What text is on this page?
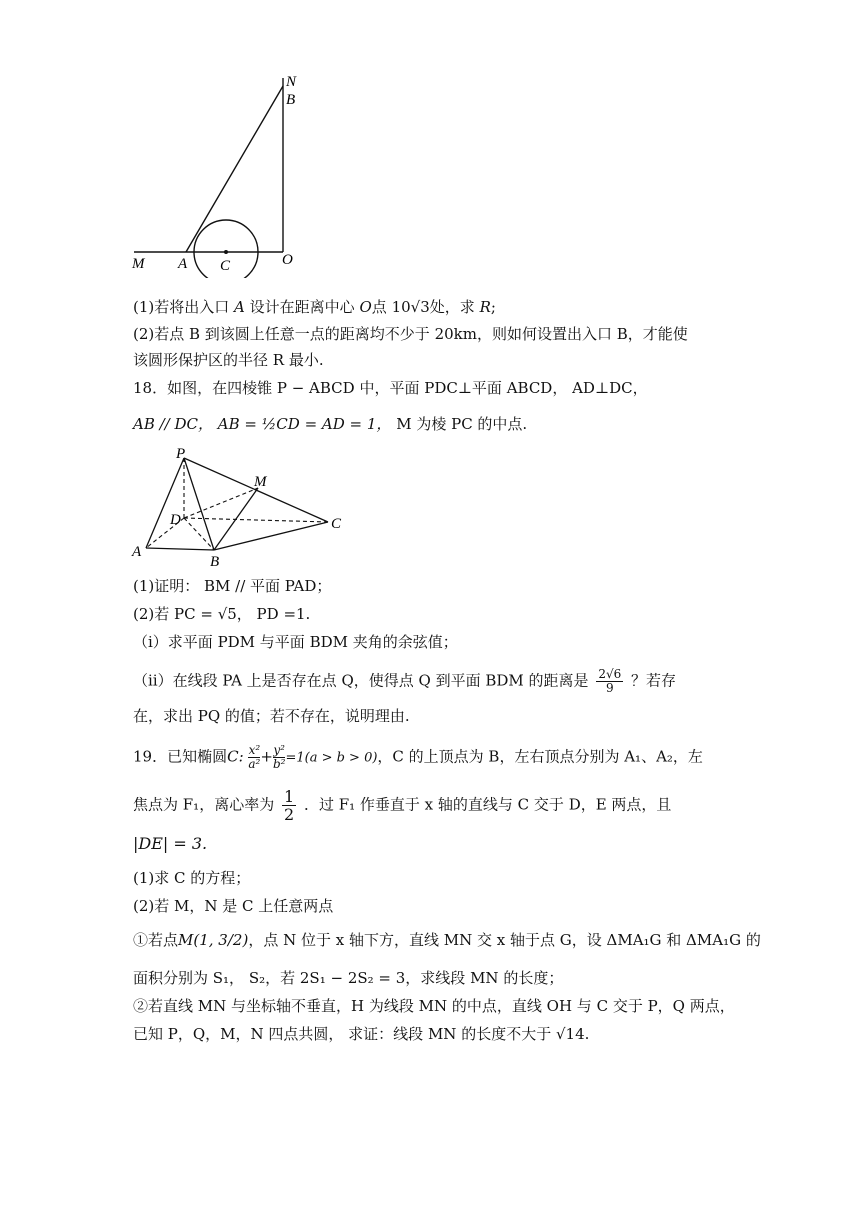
N
B
M A C	O
(1)若将出入口 A 设计在距离中心 O点 10√3处，求 R;
(2)若点 B 到该圆上任意一点的距离均不少于 20km，则如何设置出入口 B，才能使
该圆形保护区的半径 R 最小.
18．如图，在四棱锥 P − ABCD 中，平面 PDC⊥平面 ABCD， AD⊥DC，
AB // DC， AB = ½CD = AD = 1， M 为棱 PC 的中点.
P
M
D	C
A
B
(1)证明： BM // 平面 PAD；
(2)若 PC = √5， PD =1.
（ⅰ）求平面 PDM 与平面 BDM 夹角的余弦值；
（ⅱ）在线段 PA 上是否存在点 Q，使得点 Q 到平面 BDM 的距离是 $\frac{2√6}{9}$ ？若存
在，求出 PQ 的值；若不存在，说明理由.
19．已知椭圆C: $\frac{\text{x²}}{\text{a²}} + \frac{\text{y²}}{\text{b²}} =1(a > b > 0)$，C 的上顶点为 B，左右顶点分别为 A₁、A₂，左
焦点为 F₁，离心率为 $\frac{1}{2}$ ．过 F₁ 作垂直于 x 轴的直线与 C 交于 D，E 两点，且
|DE| = 3.
(1)求 C 的方程；
(2)若 M，N 是 C 上任意两点
①若点M(1, 3/2)，点 N 位于 x 轴下方，直线 MN 交 x 轴于点 G，设 ΔMA₁G 和 ΔMA₁G 的
面积分别为 S₁， S₂，若 2S₁ − 2S₂ = 3，求线段 MN 的长度；
②若直线 MN 与坐标轴不垂直，H 为线段 MN 的中点，直线 OH 与 C 交于 P，Q 两点，
已知 P，Q，M，N 四点共圆， 求证：线段 MN 的长度不大于 √14.
